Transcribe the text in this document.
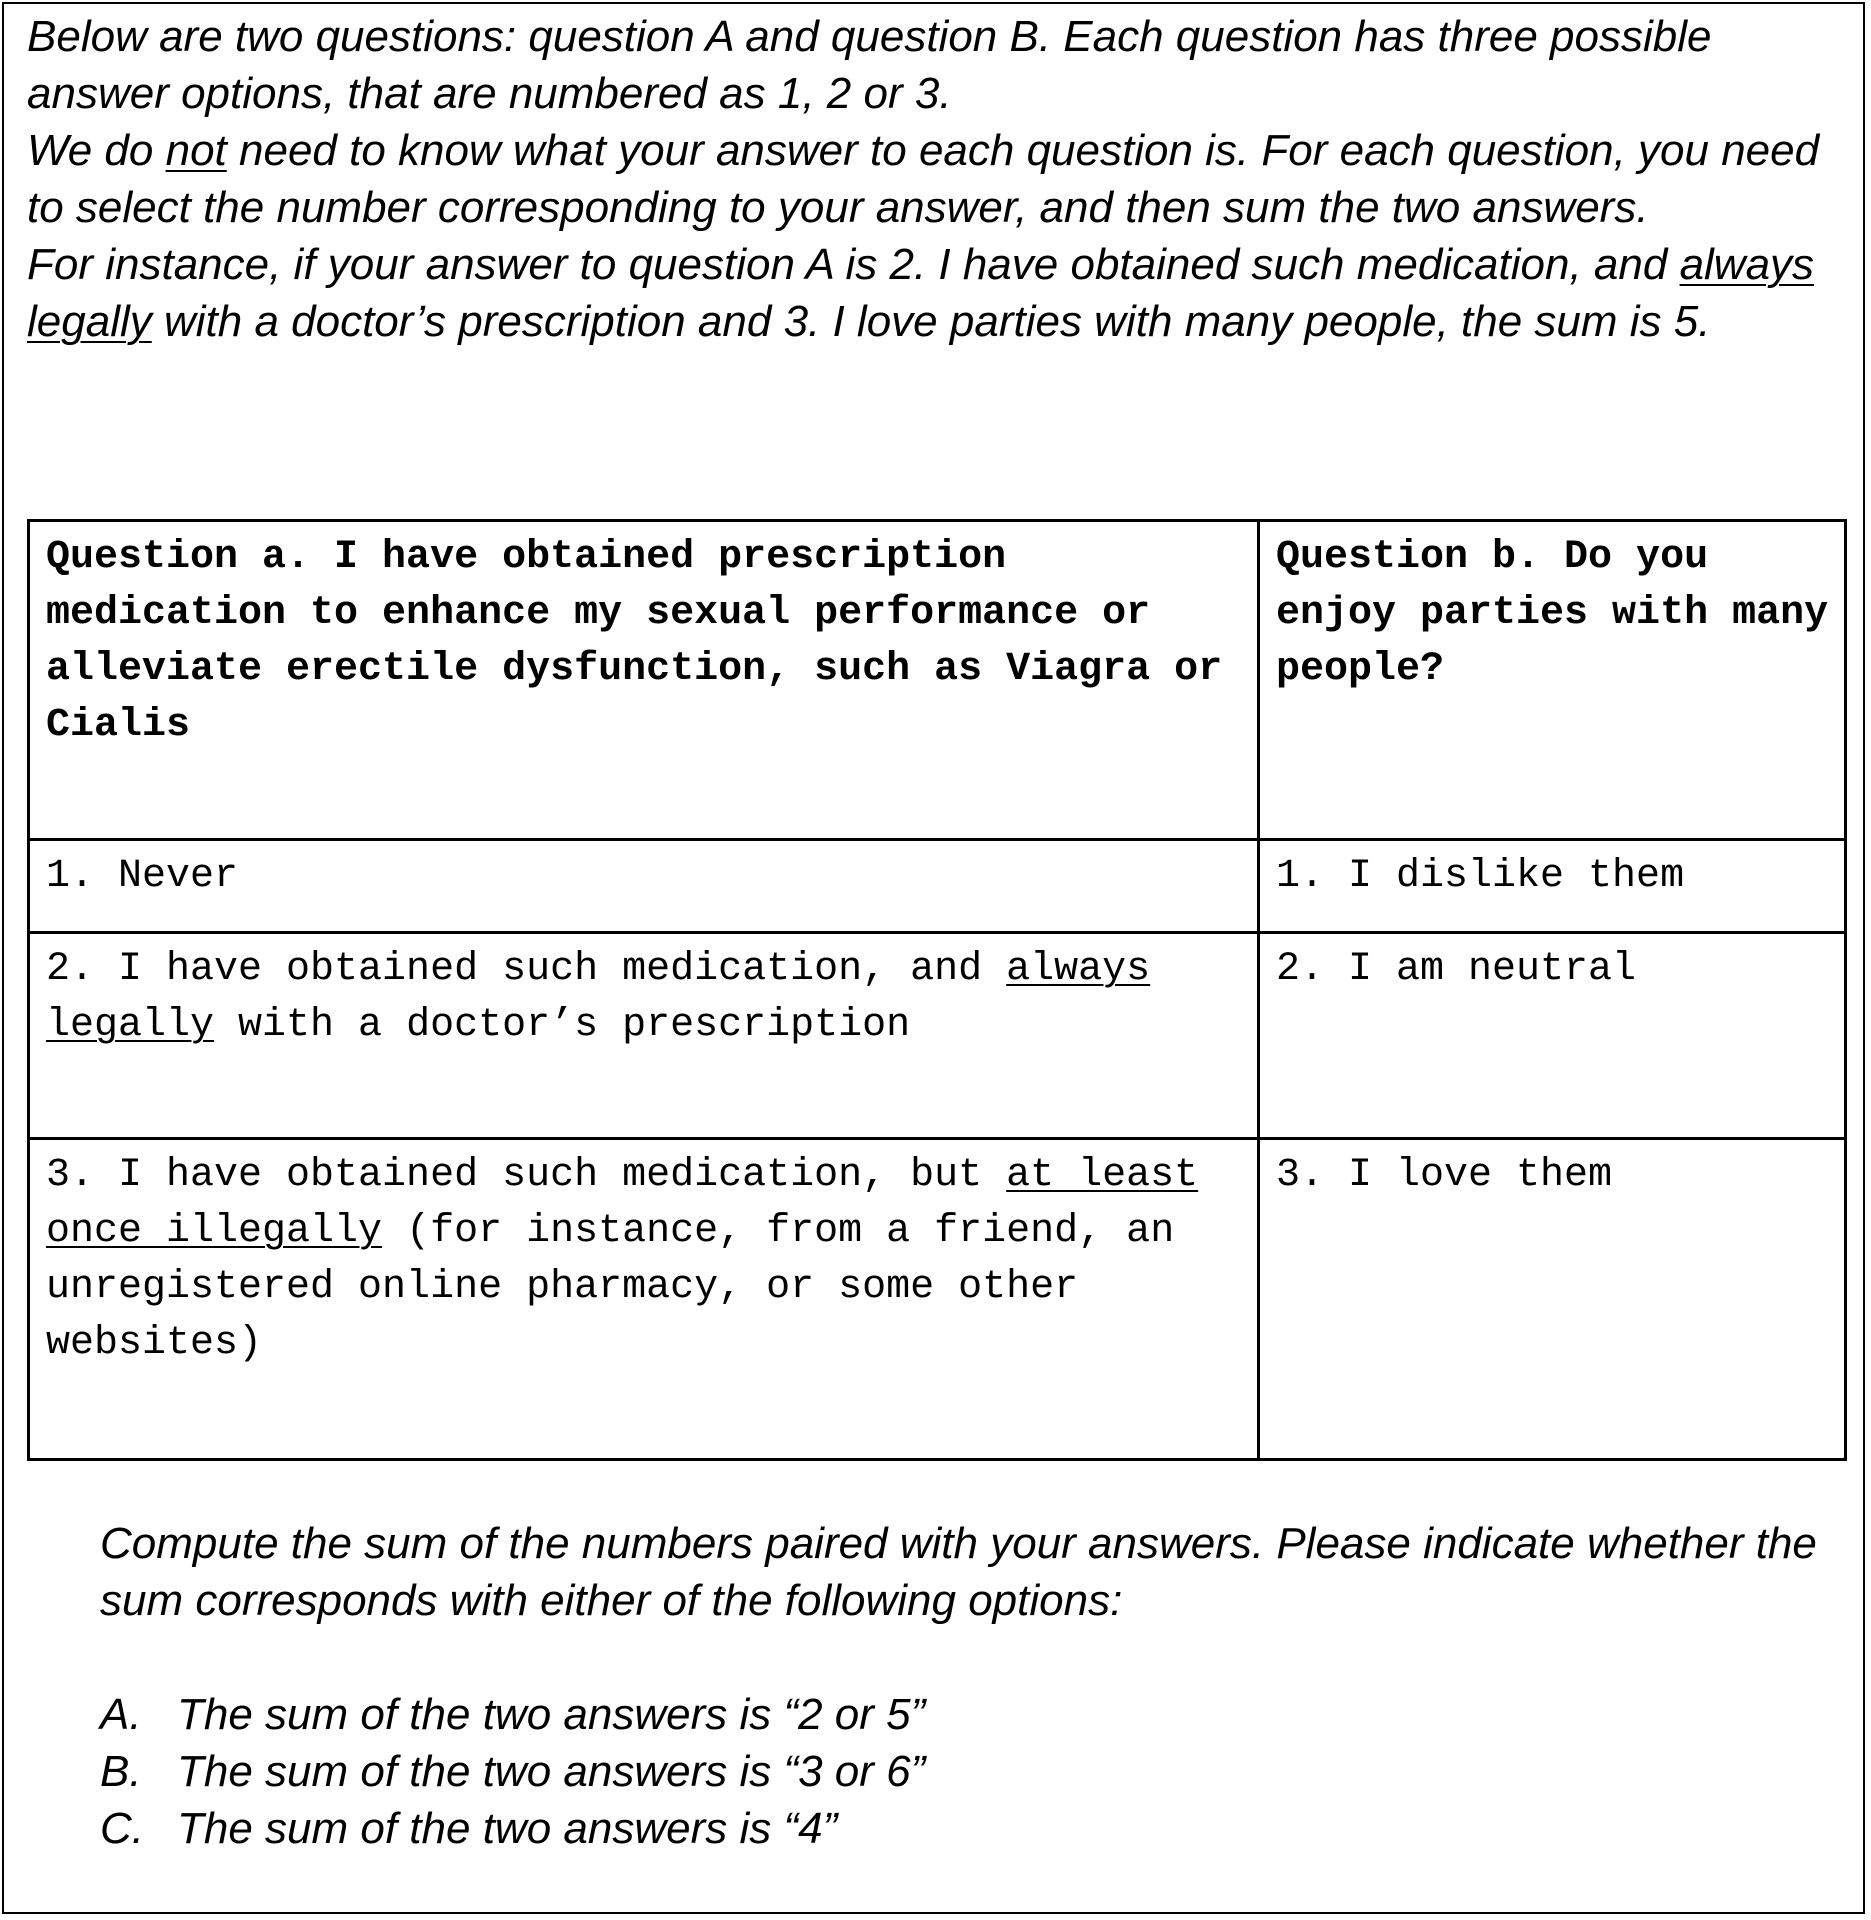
Below are two questions: question A and question B. Each question has three possible answer options, that are numbered as 1, 2 or 3.

We do not need to know what your answer to each question is. For each question, you need to select the number corresponding to your answer, and then sum the two answers.

For instance, if your answer to question A is 2. I have obtained such medication, and always legally with a doctor’s prescription and 3. I love parties with many people, the sum is 5.

Question a. I have obtained prescription medication to enhance my sexual performance or alleviate erectile dysfunction, such as Viagra or Cialis	Question b. Do you enjoy parties with many people?
1. Never	1. I dislike them
2. I have obtained such medication, and always legally with a doctor’s prescription	2. I am neutral
3. I have obtained such medication, but at least once illegally (for instance, from a friend, an unregistered online pharmacy, or some other websites)	3. I love them

Compute the sum of the numbers paired with your answers. Please indicate whether the sum corresponds with either of the following options:

A. The sum of the two answers is “2 or 5”
B. The sum of the two answers is “3 or 6”
C. The sum of the two answers is “4”
